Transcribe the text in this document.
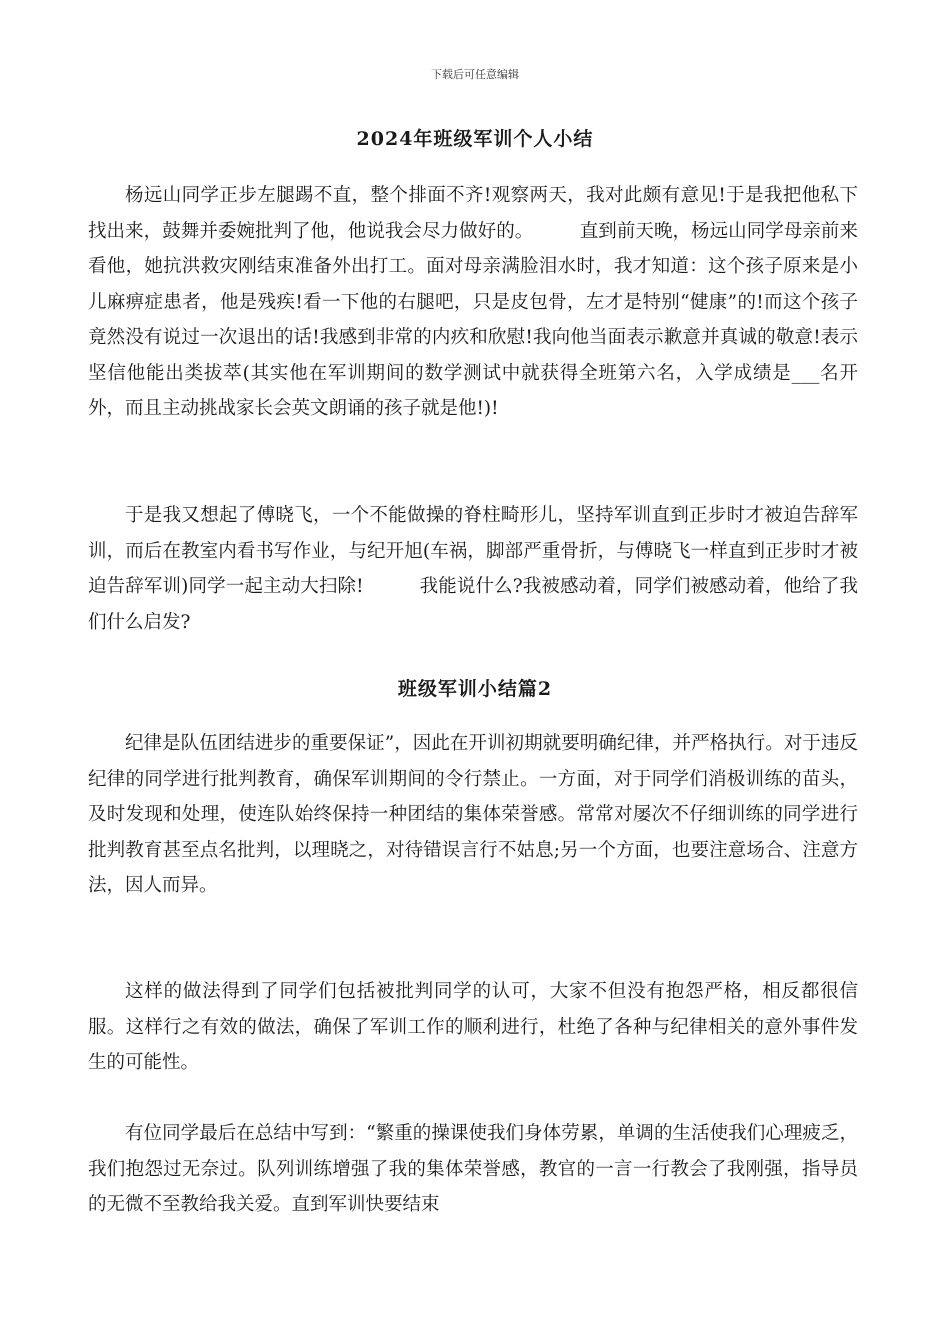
下载后可任意编辑
2024年班级军训个人小结

杨远山同学正步左腿踢不直，整个排面不齐!观察两天，我对此颇有意见!于是我把他私下找出来，鼓舞并委婉批判了他，他说我会尽力做好的。　　　直到前天晚，杨远山同学母亲前来看他，她抗洪救灾刚结束准备外出打工。面对母亲满脸泪水时，我才知道：这个孩子原来是小儿麻痹症患者，他是残疾!看一下他的右腿吧，只是皮包骨，左才是特别“健康”的!而这个孩子竟然没有说过一次退出的话!我感到非常的内疚和欣慰!我向他当面表示歉意并真诚的敬意!表示坚信他能出类拔萃(其实他在军训期间的数学测试中就获得全班第六名，入学成绩是___名开外，而且主动挑战家长会英文朗诵的孩子就是他!)!

于是我又想起了傅晓飞，一个不能做操的脊柱畸形儿，坚持军训直到正步时才被迫告辞军训，而后在教室内看书写作业，与纪开旭(车祸，脚部严重骨折，与傅晓飞一样直到正步时才被迫告辞军训)同学一起主动大扫除!　　　我能说什么?我被感动着，同学们被感动着，他给了我们什么启发?

班级军训小结篇2

纪律是队伍团结进步的重要保证”，因此在开训初期就要明确纪律，并严格执行。对于违反纪律的同学进行批判教育，确保军训期间的令行禁止。一方面，对于同学们消极训练的苗头，及时发现和处理，使连队始终保持一种团结的集体荣誉感。常常对屡次不仔细训练的同学进行批判教育甚至点名批判，以理晓之，对待错误言行不姑息;另一个方面，也要注意场合、注意方法，因人而异。

这样的做法得到了同学们包括被批判同学的认可，大家不但没有抱怨严格，相反都很信服。这样行之有效的做法，确保了军训工作的顺利进行，杜绝了各种与纪律相关的意外事件发生的可能性。

有位同学最后在总结中写到：“繁重的操课使我们身体劳累，单调的生活使我们心理疲乏，我们抱怨过无奈过。队列训练增强了我的集体荣誉感，教官的一言一行教会了我刚强，指导员的无微不至教给我关爱。直到军训快要结束
